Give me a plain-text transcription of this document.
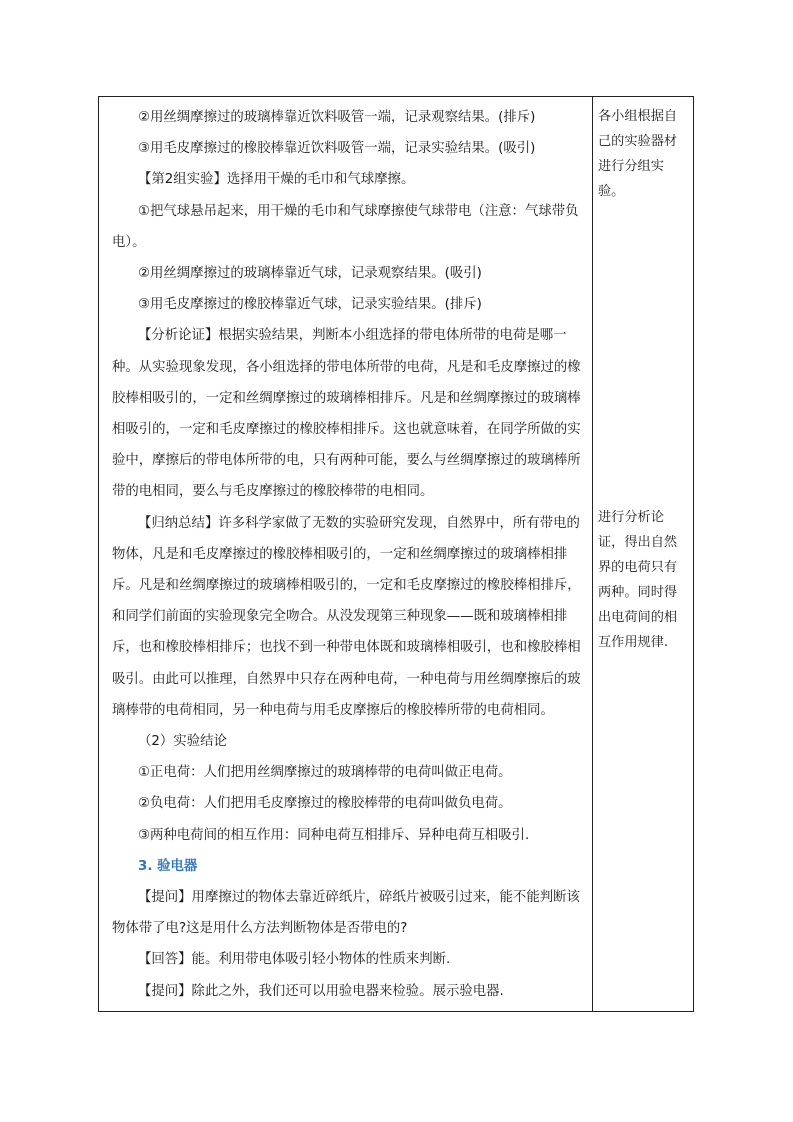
②用丝绸摩擦过的玻璃棒靠近饮料吸管一端，记录观察结果。(排斥)

③用毛皮摩擦过的橡胶棒靠近饮料吸管一端，记录实验结果。(吸引)

【第2组实验】选择用干燥的毛巾和气球摩擦。

①把气球悬吊起来，用干燥的毛巾和气球摩擦使气球带电（注意：气球带负电）。

②用丝绸摩擦过的玻璃棒靠近气球，记录观察结果。(吸引)

③用毛皮摩擦过的橡胶棒靠近气球，记录实验结果。(排斥)

【分析论证】根据实验结果，判断本小组选择的带电体所带的电荷是哪一种。从实验现象发现，各小组选择的带电体所带的电荷，凡是和毛皮摩擦过的橡胶棒相吸引的，一定和丝绸摩擦过的玻璃棒相排斥。凡是和丝绸摩擦过的玻璃棒相吸引的，一定和毛皮摩擦过的橡胶棒相排斥。这也就意味着，在同学所做的实验中，摩擦后的带电体所带的电，只有两种可能，要么与丝绸摩擦过的玻璃棒所带的电相同，要么与毛皮摩擦过的橡胶棒带的电相同。

【归纳总结】许多科学家做了无数的实验研究发现，自然界中，所有带电的物体，凡是和毛皮摩擦过的橡胶棒相吸引的，一定和丝绸摩擦过的玻璃棒相排斥。凡是和丝绸摩擦过的玻璃棒相吸引的，一定和毛皮摩擦过的橡胶棒相排斥，和同学们前面的实验现象完全吻合。从没发现第三种现象——既和玻璃棒相排斥，也和橡胶棒相排斥；也找不到一种带电体既和玻璃棒相吸引，也和橡胶棒相吸引。由此可以推理，自然界中只存在两种电荷，一种电荷与用丝绸摩擦后的玻璃棒带的电荷相同，另一种电荷与用毛皮摩擦后的橡胶棒所带的电荷相同。

（2）实验结论

①正电荷：人们把用丝绸摩擦过的玻璃棒带的电荷叫做正电荷。

②负电荷：人们把用毛皮摩擦过的橡胶棒带的电荷叫做负电荷。

③两种电荷间的相互作用：同种电荷互相排斥、异种电荷互相吸引.

3. 验电器

【提问】用摩擦过的物体去靠近碎纸片，碎纸片被吸引过来，能不能判断该物体带了电?这是用什么方法判断物体是否带电的?

【回答】能。利用带电体吸引轻小物体的性质来判断.

【提问】除此之外，我们还可以用验电器来检验。展示验电器.

各小组根据自己的实验器材进行分组实验。

进行分析论证，得出自然界的电荷只有两种。同时得出电荷间的相互作用规律.
